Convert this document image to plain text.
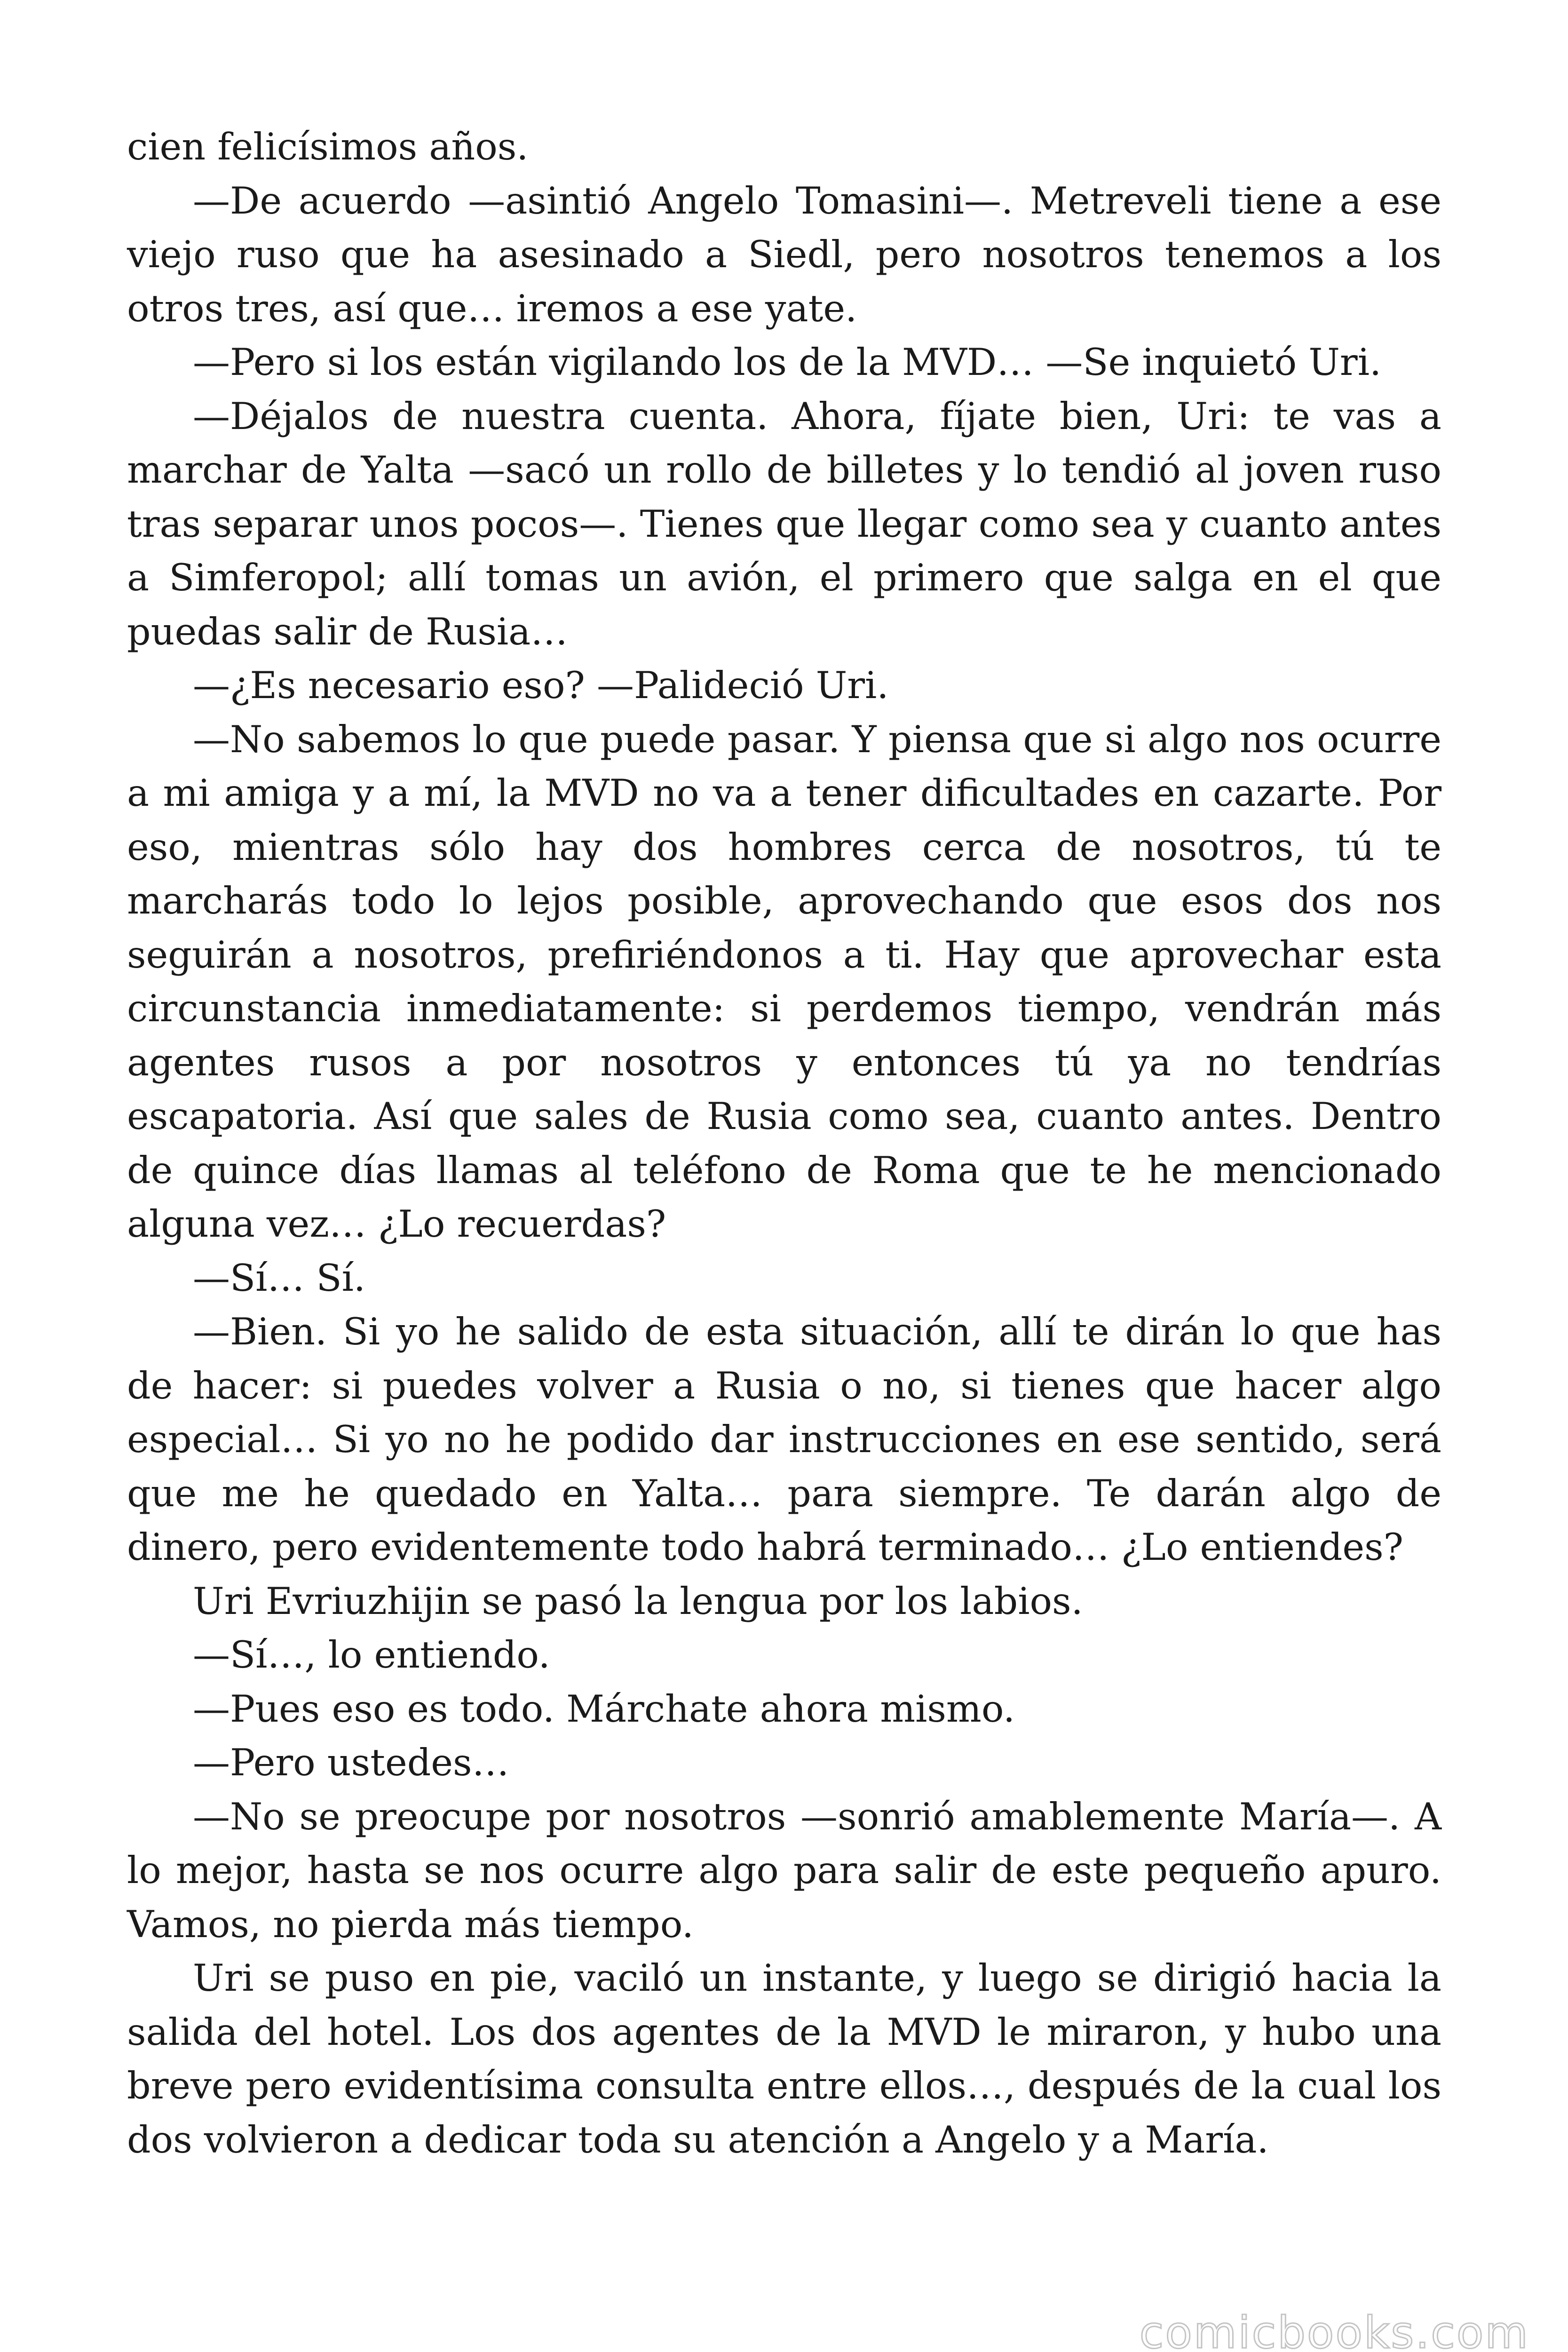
cien felicísimos años.

—De acuerdo —asintió Angelo Tomasini—. Metreveli tiene a ese viejo ruso que ha asesinado a Siedl, pero nosotros tenemos a los otros tres, así que… iremos a ese yate.

—Pero si los están vigilando los de la MVD… —Se inquietó Uri.

—Déjalos de nuestra cuenta. Ahora, fíjate bien, Uri: te vas a marchar de Yalta —sacó un rollo de billetes y lo tendió al joven ruso tras separar unos pocos—. Tienes que llegar como sea y cuanto antes a Simferopol; allí tomas un avión, el primero que salga en el que puedas salir de Rusia…

—¿Es necesario eso? —Palideció Uri.

—No sabemos lo que puede pasar. Y piensa que si algo nos ocurre a mi amiga y a mí, la MVD no va a tener dificultades en cazarte. Por eso, mientras sólo hay dos hombres cerca de nosotros, tú te marcharás todo lo lejos posible, aprovechando que esos dos nos seguirán a nosotros, prefiriéndonos a ti. Hay que aprovechar esta circunstancia inmediatamente: si perdemos tiempo, vendrán más agentes rusos a por nosotros y entonces tú ya no tendrías escapatoria. Así que sales de Rusia como sea, cuanto antes. Dentro de quince días llamas al teléfono de Roma que te he mencionado alguna vez… ¿Lo recuerdas?

—Sí… Sí.

—Bien. Si yo he salido de esta situación, allí te dirán lo que has de hacer: si puedes volver a Rusia o no, si tienes que hacer algo especial… Si yo no he podido dar instrucciones en ese sentido, será que me he quedado en Yalta… para siempre. Te darán algo de dinero, pero evidentemente todo habrá terminado… ¿Lo entiendes?

Uri Evriuzhijin se pasó la lengua por los labios.

—Sí…, lo entiendo.

—Pues eso es todo. Márchate ahora mismo.

—Pero ustedes…

—No se preocupe por nosotros —sonrió amablemente María—. A lo mejor, hasta se nos ocurre algo para salir de este pequeño apuro. Vamos, no pierda más tiempo.

Uri se puso en pie, vaciló un instante, y luego se dirigió hacia la salida del hotel. Los dos agentes de la MVD le miraron, y hubo una breve pero evidentísima consulta entre ellos…, después de la cual los dos volvieron a dedicar toda su atención a Angelo y a María.

comicbooks.com
